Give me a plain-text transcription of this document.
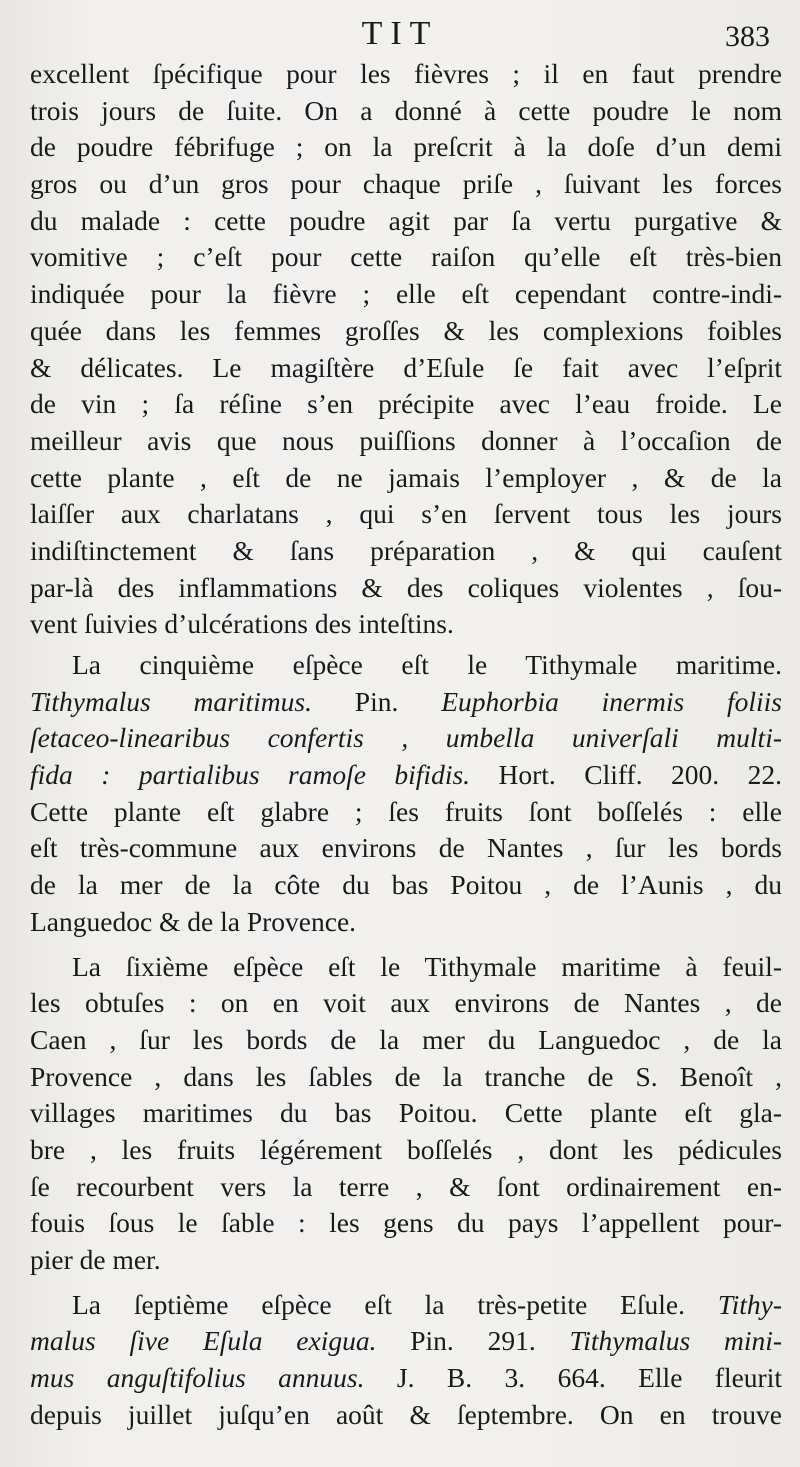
TIT	383
excellent ſpécifique pour les fièvres ; il en faut prendre
trois jours de ſuite. On a donné à cette poudre le nom
de poudre fébrifuge ; on la preſcrit à la doſe d’un demi
gros ou d’un gros pour chaque priſe , ſuivant les forces
du malade : cette poudre agit par ſa vertu purgative &
vomitive ; c’eſt pour cette raiſon qu’elle eſt très-bien
indiquée pour la fièvre ; elle eſt cependant contre-indi-
quée dans les femmes groſſes & les complexions foibles
& délicates. Le magiſtère d’Eſule ſe fait avec l’eſprit
de vin ; ſa réſine s’en précipite avec l’eau froide. Le
meilleur avis que nous puiſſions donner à l’occaſion de
cette plante , eſt de ne jamais l’employer , & de la
laiſſer aux charlatans , qui s’en ſervent tous les jours
indiſtinctement & ſans préparation , & qui cauſent
par-là des inflammations & des coliques violentes , ſou-
vent ſuivies d’ulcérations des inteſtins.
La cinquième eſpèce eſt le Tithymale maritime.
Tithymalus maritimus. Pin. Euphorbia inermis foliis
ſetaceo-linearibus confertis , umbella univerſali multi-
fida : partialibus ramoſe bifidis. Hort. Cliff. 200. 22.
Cette plante eſt glabre ; ſes fruits ſont boſſelés : elle
eſt très-commune aux environs de Nantes , ſur les bords
de la mer de la côte du bas Poitou , de l’Aunis , du
Languedoc & de la Provence.
La ſixième eſpèce eſt le Tithymale maritime à feuil-
les obtuſes : on en voit aux environs de Nantes , de
Caen , ſur les bords de la mer du Languedoc , de la
Provence , dans les ſables de la tranche de S. Benoît ,
villages maritimes du bas Poitou. Cette plante eſt gla-
bre , les fruits légérement boſſelés , dont les pédicules
ſe recourbent vers la terre , & ſont ordinairement en-
fouis ſous le ſable : les gens du pays l’appellent pour-
pier de mer.
La ſeptième eſpèce eſt la très-petite Eſule. Tithy-
malus ſive Eſula exigua. Pin. 291. Tithymalus mini-
mus anguſtifolius annuus. J. B. 3. 664. Elle fleurit
depuis juillet juſqu’en août & ſeptembre. On en trouve
